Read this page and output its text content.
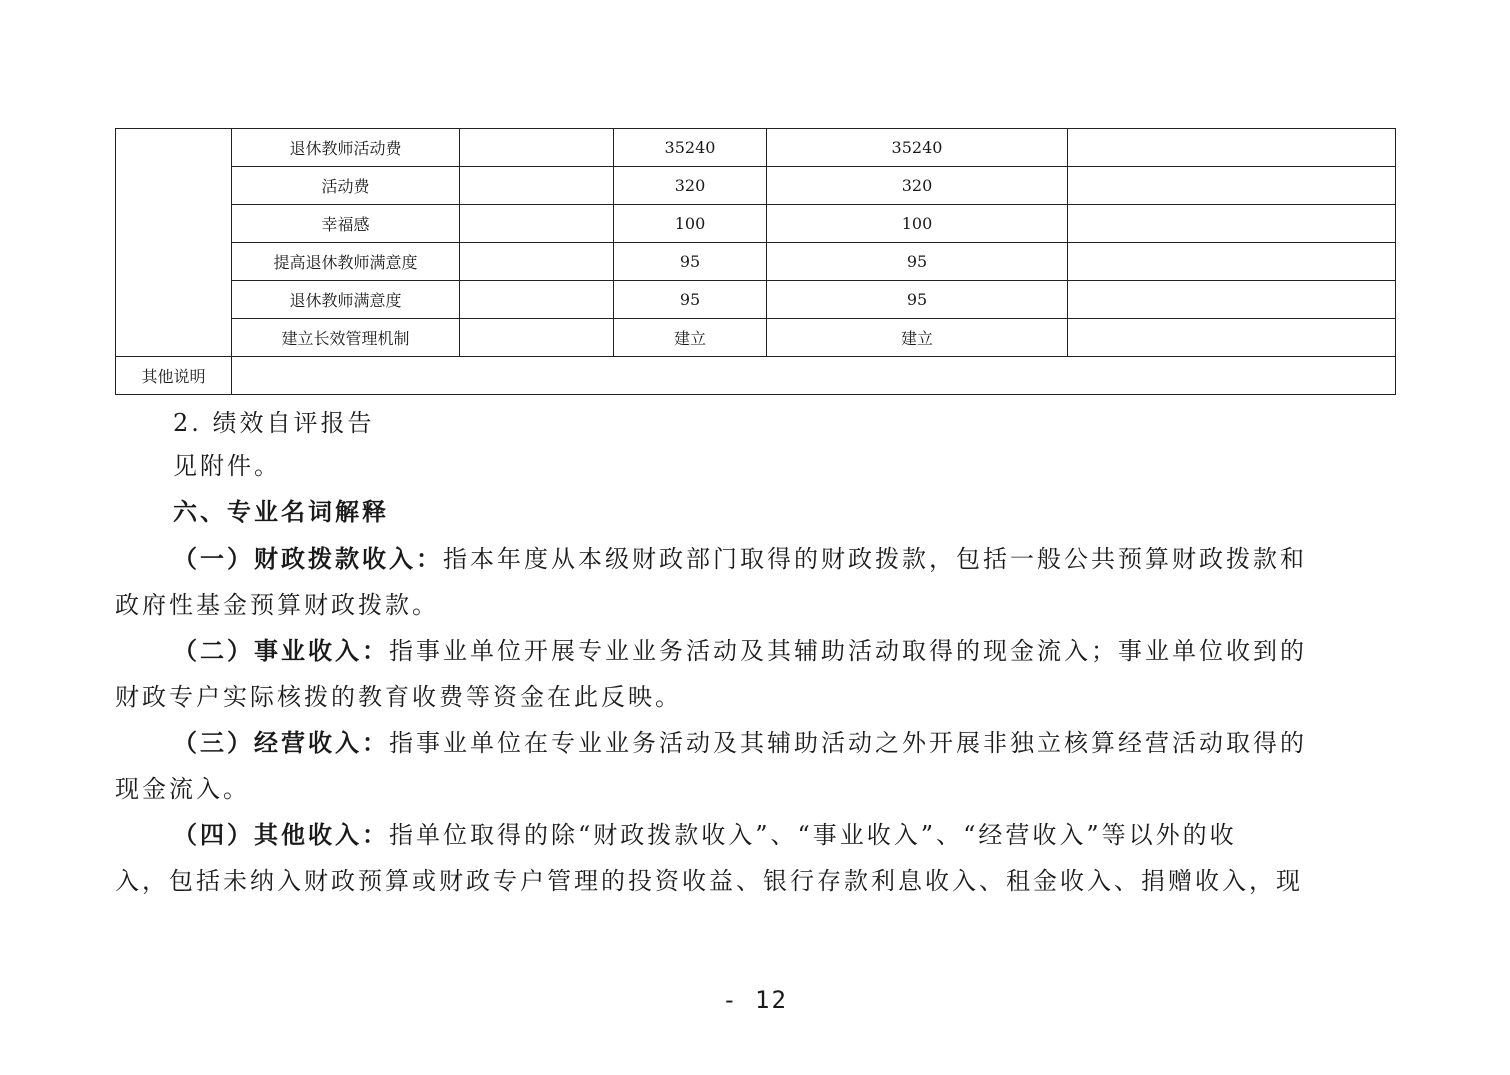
	退休教师活动费		35240	35240	
	活动费		320	320	
	幸福感		100	100	
	提高退休教师满意度		95	95	
	退休教师满意度		95	95	
	建立长效管理机制		建立	建立	
其他说明					
2. 绩效自评报告
见附件。
六、专业名词解释
（一）财政拨款收入：指本年度从本级财政部门取得的财政拨款，包括一般公共预算财政拨款和
政府性基金预算财政拨款。
（二）事业收入：指事业单位开展专业业务活动及其辅助活动取得的现金流入；事业单位收到的
财政专户实际核拨的教育收费等资金在此反映。
（三）经营收入：指事业单位在专业业务活动及其辅助活动之外开展非独立核算经营活动取得的
现金流入。
（四）其他收入：指单位取得的除“财政拨款收入”、“事业收入”、“经营收入”等以外的收
入，包括未纳入财政预算或财政专户管理的投资收益、银行存款利息收入、租金收入、捐赠收入，现
- 12
